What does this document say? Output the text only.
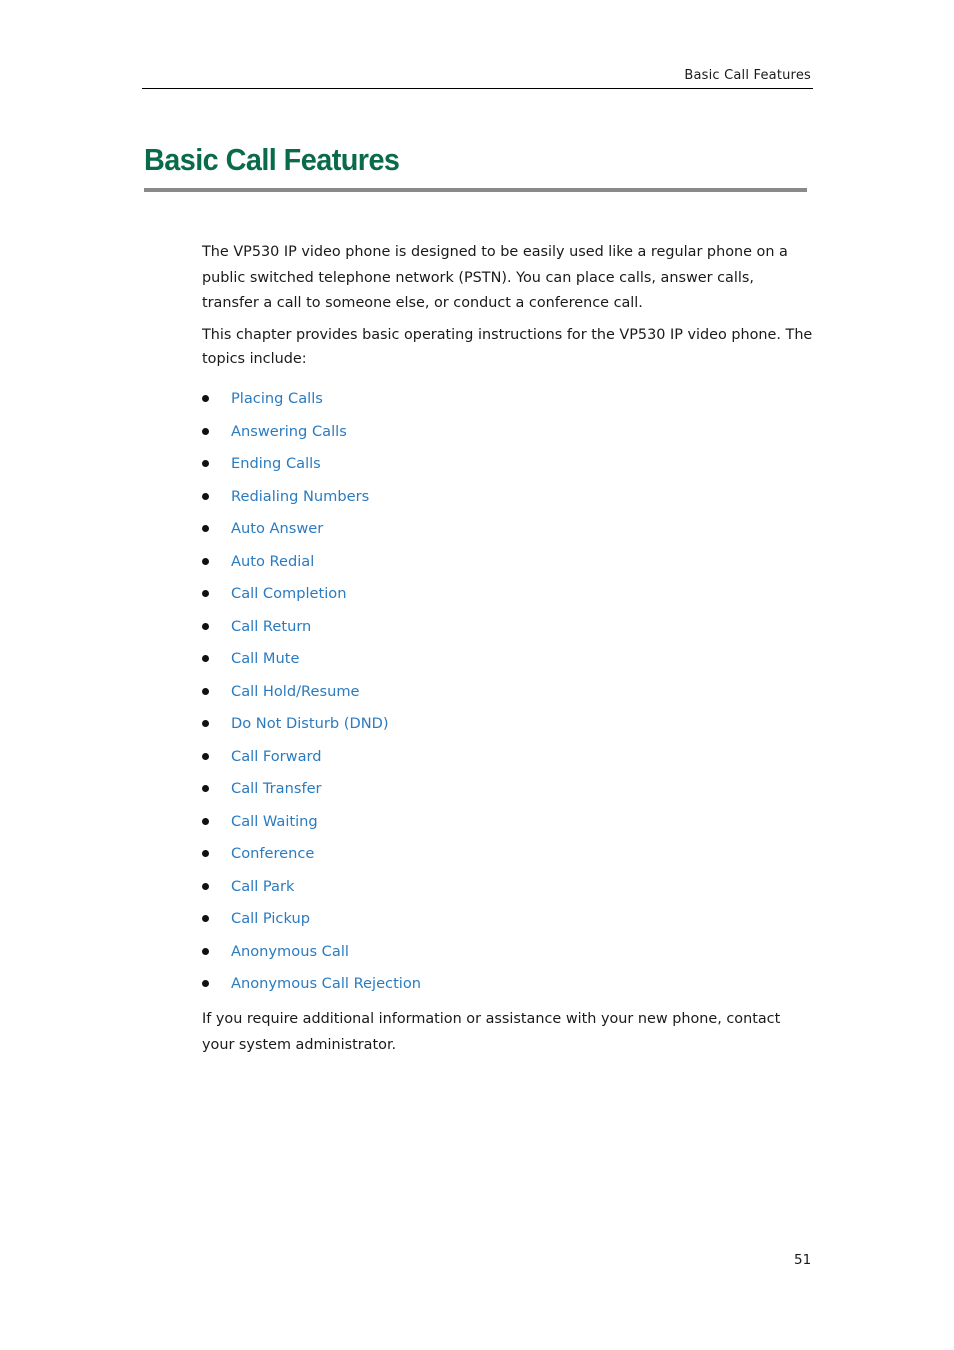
Basic Call Features
Basic Call Features

The VP530 IP video phone is designed to be easily used like a regular phone on a public switched telephone network (PSTN). You can place calls, answer calls, transfer a call to someone else, or conduct a conference call.

This chapter provides basic operating instructions for the VP530 IP video phone. The topics include:

Placing Calls
Answering Calls
Ending Calls
Redialing Numbers
Auto Answer
Auto Redial
Call Completion
Call Return
Call Mute
Call Hold/Resume
Do Not Disturb (DND)
Call Forward
Call Transfer
Call Waiting
Conference
Call Park
Call Pickup
Anonymous Call
Anonymous Call Rejection

If you require additional information or assistance with your new phone, contact your system administrator.

51
